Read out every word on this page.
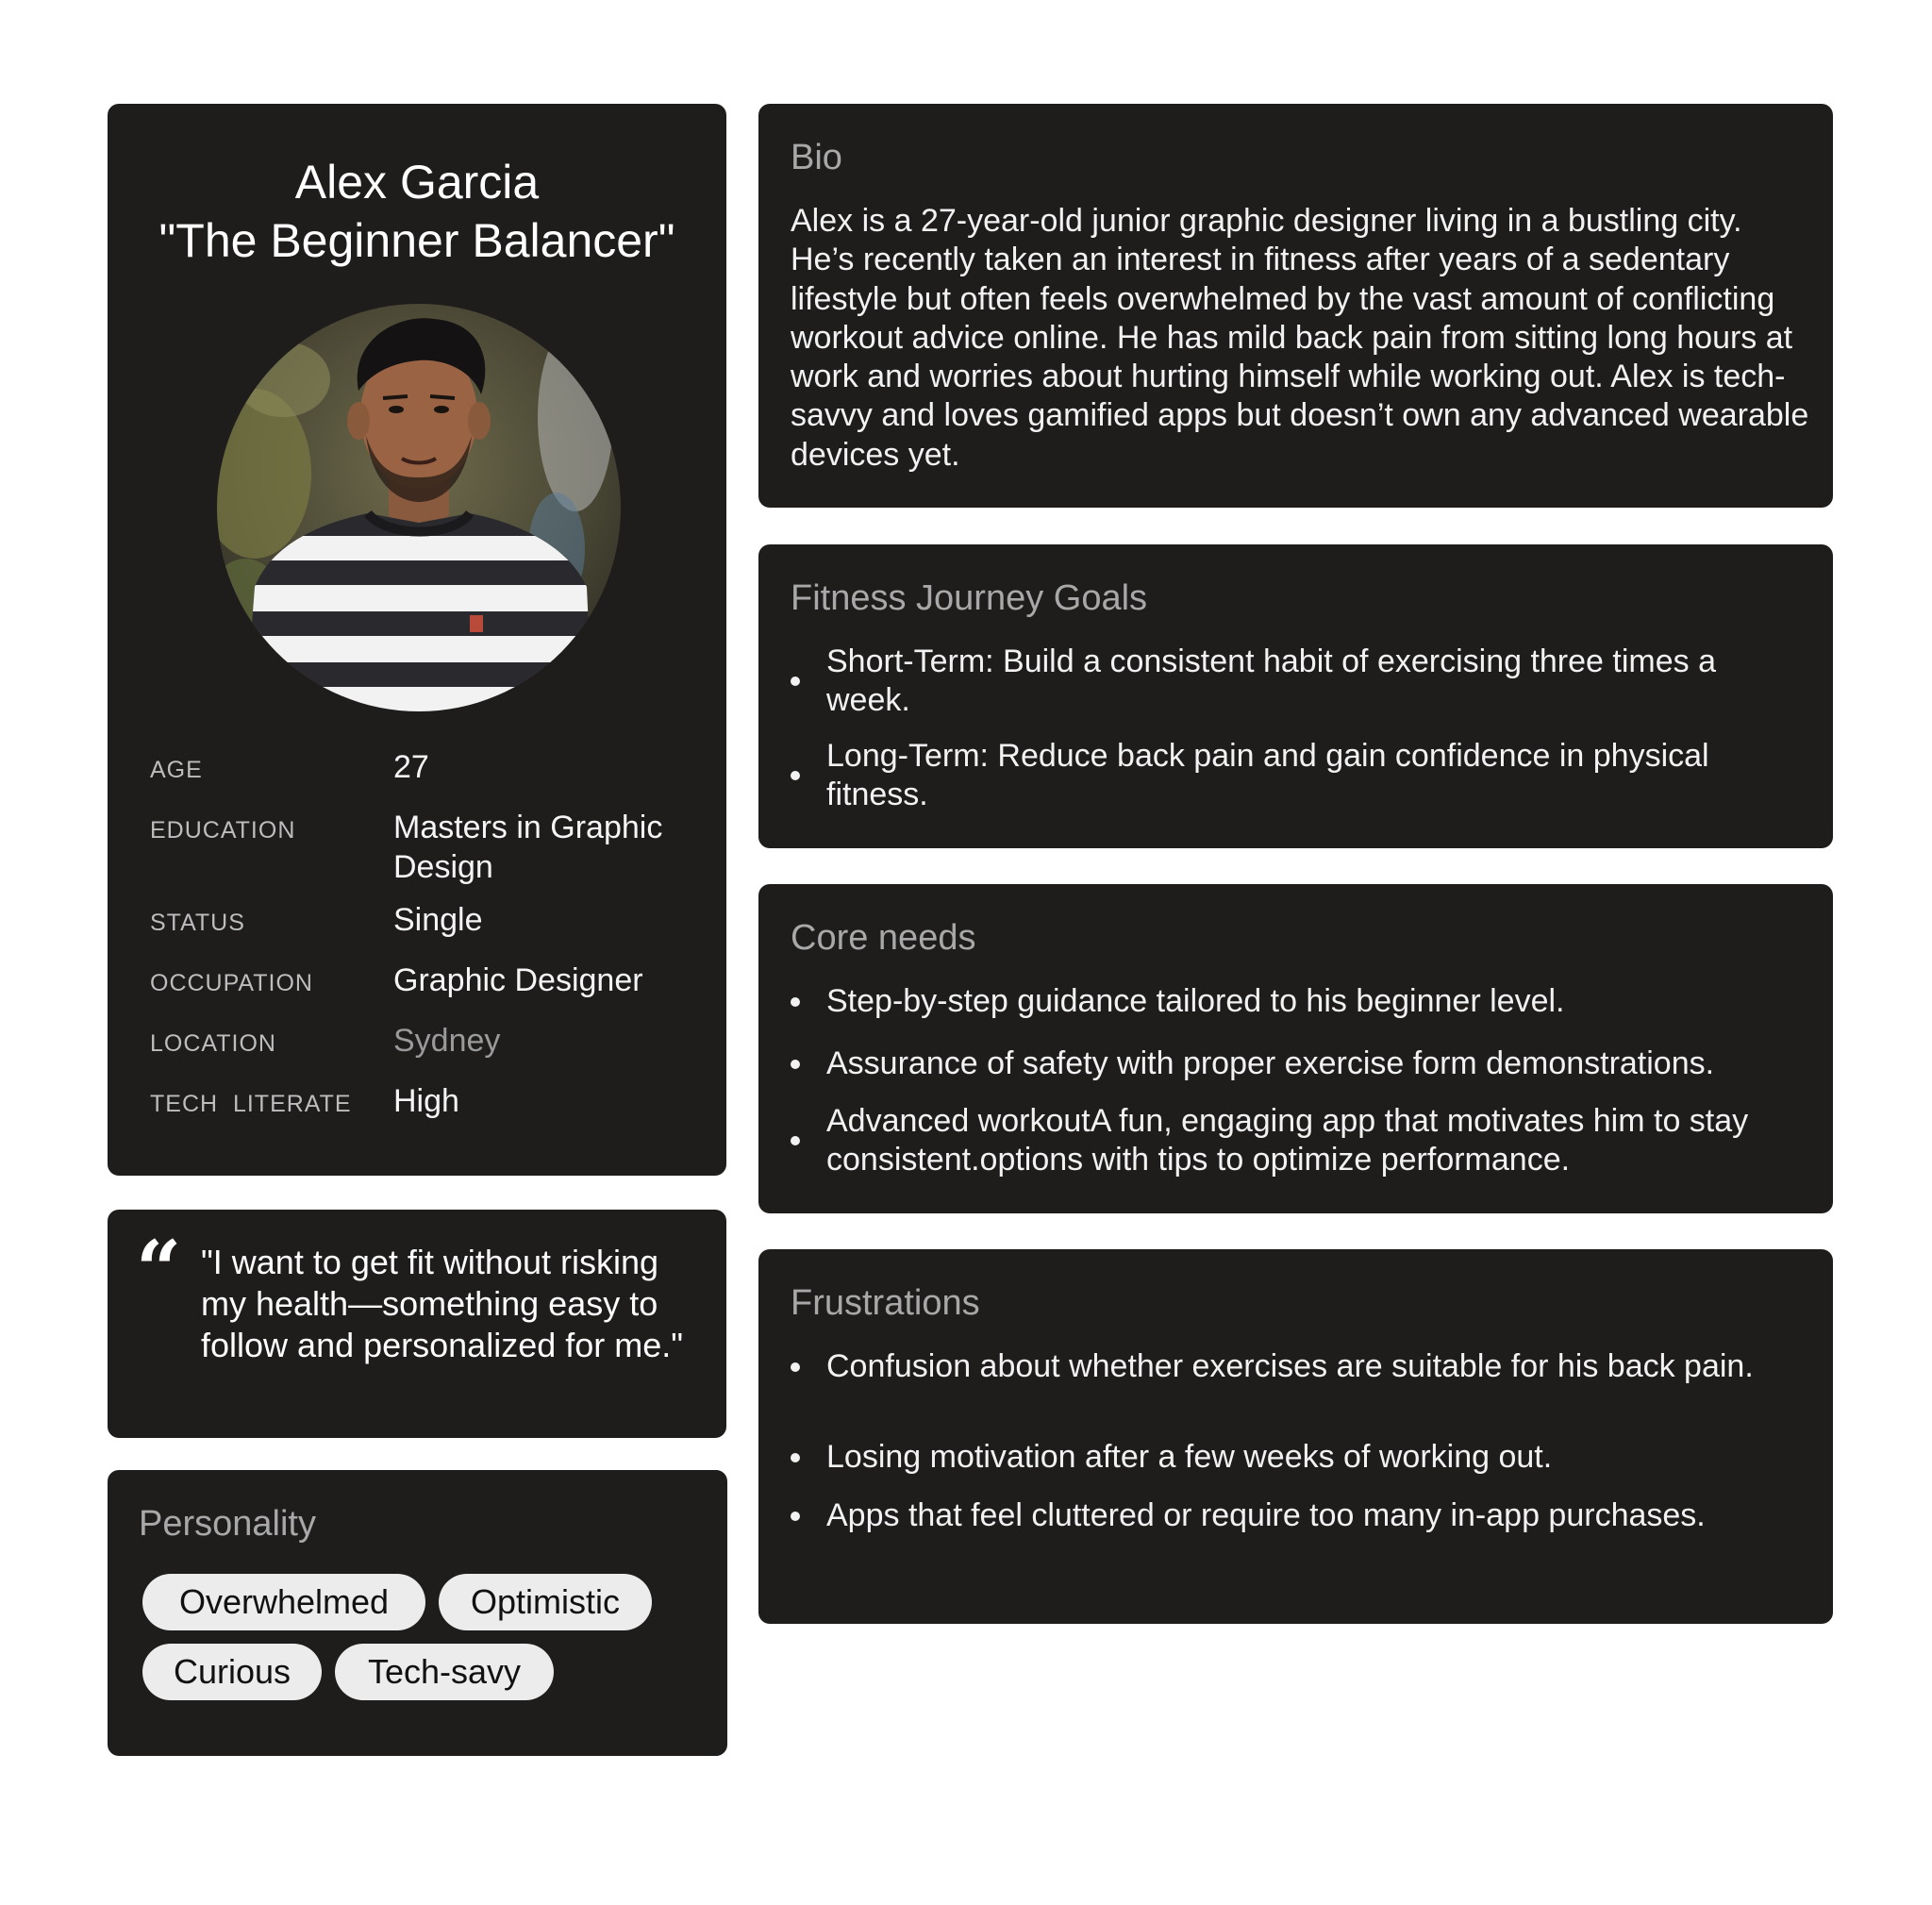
Alex Garcia
"The Beginner Balancer"
AGE	27
EDUCATION	Masters in Graphic Design
STATUS	Single
OCCUPATION	Graphic Designer
LOCATION	Sydney
TECH  LITERATE High
“ "I want to get fit without risking my health—something easy to follow and personalized for me."
Personality
Overwhelmed	Optimistic
Curious	Tech-savy
Bio
Alex is a 27-year-old junior graphic designer living in a bustling city. He’s recently taken an interest in fitness after years of a sedentary lifestyle but often feels overwhelmed by the vast amount of conflicting workout advice online. He has mild back pain from sitting long hours at work and worries about hurting himself while working out. Alex is tech-savvy and loves gamified apps but doesn’t own any advanced wearable devices yet.
Fitness Journey Goals
Short-Term: Build a consistent habit of exercising three times a week.
Long-Term: Reduce back pain and gain confidence in physical fitness.
Core needs
Step-by-step guidance tailored to his beginner level.
Assurance of safety with proper exercise form demonstrations.
Advanced workoutA fun, engaging app that motivates him to stay consistent.options with tips to optimize performance.
Frustrations
Confusion about whether exercises are suitable for his back pain.
Losing motivation after a few weeks of working out.
Apps that feel cluttered or require too many in-app purchases.
